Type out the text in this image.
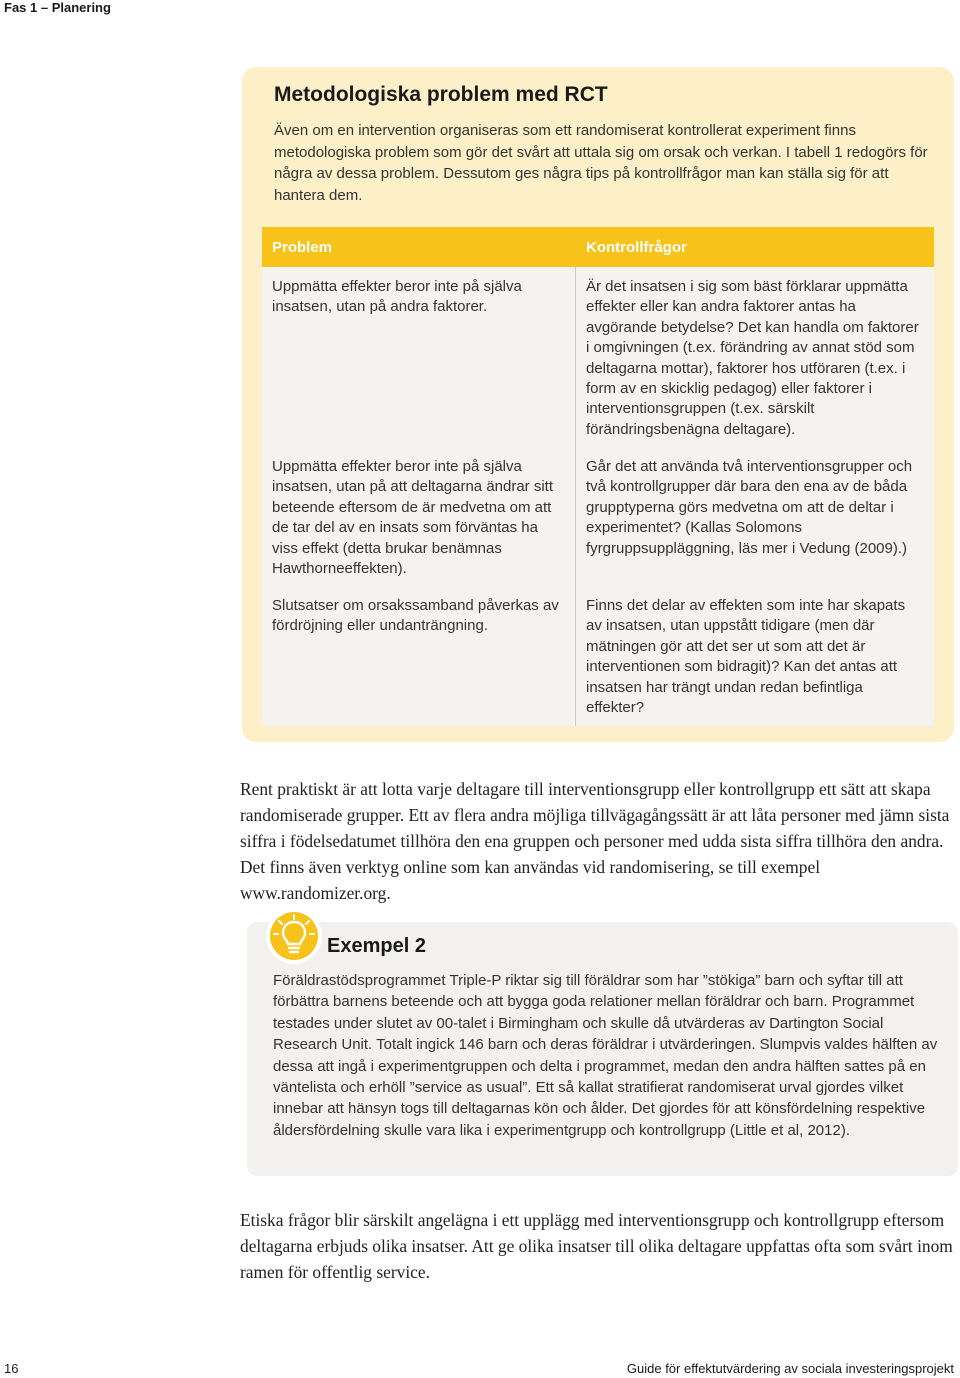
Fas 1 – Planering
Metodologiska problem med RCT
Även om en intervention organiseras som ett randomiserat kontrollerat experiment finns metodologiska problem som gör det svårt att uttala sig om orsak och verkan. I tabell 1 redogörs för några av dessa problem. Dessutom ges några tips på kontrollfrågor man kan ställa sig för att hantera dem.
Problem	Kontrollfrågor
Uppmätta effekter beror inte på själva insatsen, utan på andra faktorer.
Är det insatsen i sig som bäst förklarar uppmätta effekter eller kan andra faktorer antas ha avgörande betydelse? Det kan handla om faktorer i omgivningen (t.ex. förändring av annat stöd som deltagarna mottar), faktorer hos utföraren (t.ex. i form av en skicklig pedagog) eller faktorer i interventionsgruppen (t.ex. särskilt förändringsbenägna deltagare).
Uppmätta effekter beror inte på själva insatsen, utan på att deltagarna ändrar sitt beteende eftersom de är medvetna om att de tar del av en insats som förväntas ha viss effekt (detta brukar benämnas Hawthorneeffekten).
Går det att använda två interventionsgrupper och två kontrollgrupper där bara den ena av de båda grupptyperna görs medvetna om att de deltar i experimentet? (Kallas Solomons fyrgruppsuppläggning, läs mer i Vedung (2009).)
Slutsatser om orsakssamband påverkas av fördröjning eller undanträngning.
Finns det delar av effekten som inte har skapats av insatsen, utan uppstått tidigare (men där mätningen gör att det ser ut som att det är interventionen som bidragit)? Kan det antas att insatsen har trängt undan redan befintliga effekter?
Rent praktiskt är att lotta varje deltagare till interventionsgrupp eller kontrollgrupp ett sätt att skapa randomiserade grupper. Ett av flera andra möjliga tillvägagångssätt är att låta personer med jämn sista siffra i födelsedatumet tillhöra den ena gruppen och personer med udda sista siffra tillhöra den andra. Det finns även verktyg online som kan användas vid randomisering, se till exempel www.randomizer.org.
Exempel 2
Föräldrastödsprogrammet Triple-P riktar sig till föräldrar som har ”stökiga” barn och syftar till att förbättra barnens beteende och att bygga goda relationer mellan föräldrar och barn. Programmet testades under slutet av 00-talet i Birmingham och skulle då utvärderas av Dartington Social Research Unit. Totalt ingick 146 barn och deras föräldrar i utvärderingen. Slumpvis valdes hälften av dessa att ingå i experimentgruppen och delta i programmet, medan den andra hälften sattes på en väntelista och erhöll ”service as usual”. Ett så kallat stratifierat randomiserat urval gjordes vilket innebar att hänsyn togs till deltagarnas kön och ålder. Det gjordes för att könsfördelning respektive åldersfördelning skulle vara lika i experimentgrupp och kontrollgrupp (Little et al, 2012).
Etiska frågor blir särskilt angelägna i ett upplägg med interventionsgrupp och kontrollgrupp eftersom deltagarna erbjuds olika insatser. Att ge olika insatser till olika deltagare uppfattas ofta som svårt inom ramen för offentlig service.
16	Guide för effektutvärdering av sociala investeringsprojekt
